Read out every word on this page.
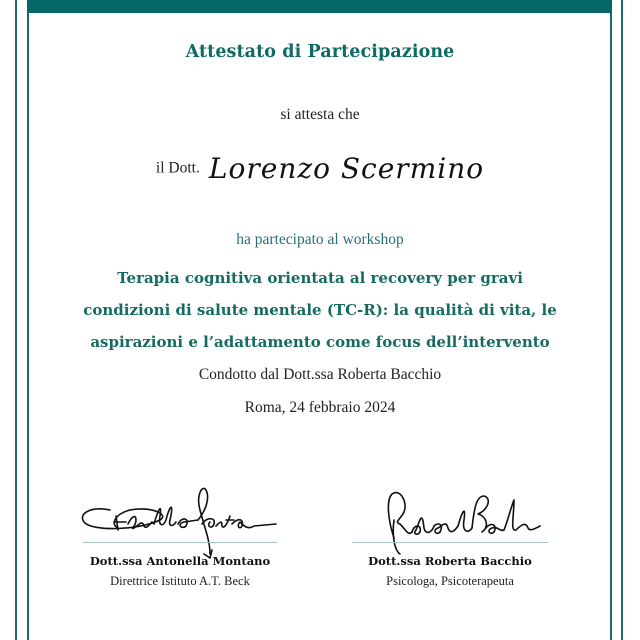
Attestato di Partecipazione
si attesta che
il Dott. Lorenzo Scermino
ha partecipato al workshop
Terapia cognitiva orientata al recovery per gravi
condizioni di salute mentale (TC-R): la qualità di vita, le
aspirazioni e l’adattamento come focus dell’intervento
Condotto dal Dott.ssa Roberta Bacchio
Roma, 24 febbraio 2024
Dott.ssa Antonella Montano
Direttrice Istituto A.T. Beck
Dott.ssa Roberta Bacchio
Psicologa, Psicoterapeuta
